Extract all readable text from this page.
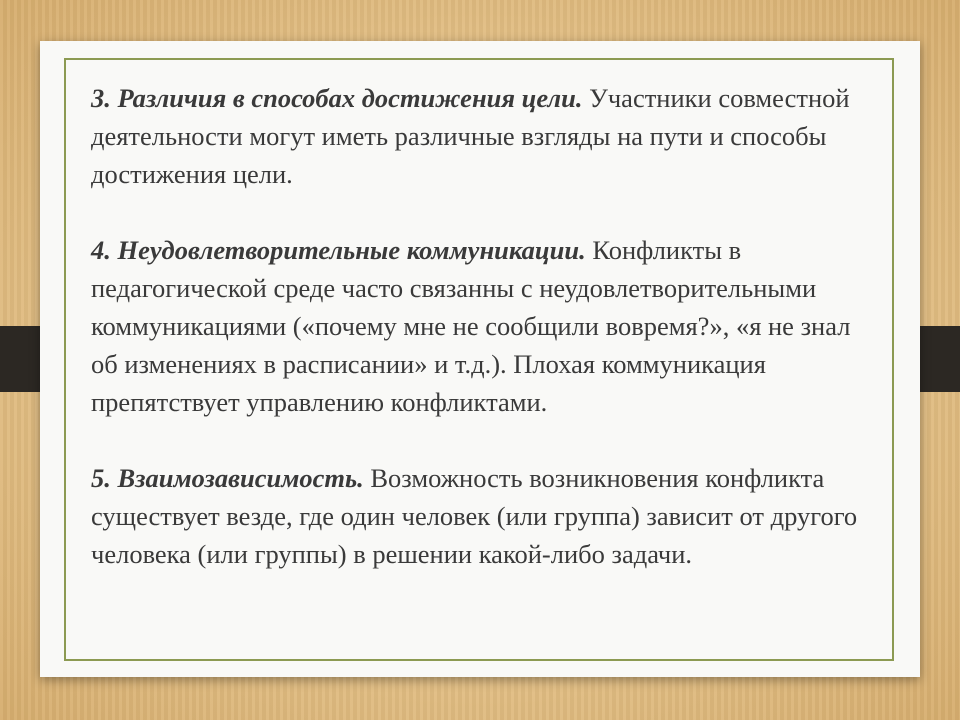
3. Различия в способах достижения цели. Участники совместной деятельности могут иметь различные взгляды на пути и способы достижения цели.

4. Неудовлетворительные коммуникации. Конфликты в педагогической среде часто связанны с неудовлетворительными коммуникациями («почему мне не сообщили вовремя?», «я не знал об изменениях в расписании» и т.д.). Плохая коммуникация препятствует управлению конфликтами.

5. Взаимозависимость. Возможность возникновения конфликта существует везде, где один человек (или группа) зависит от другого человека (или группы) в решении какой-либо задачи.
